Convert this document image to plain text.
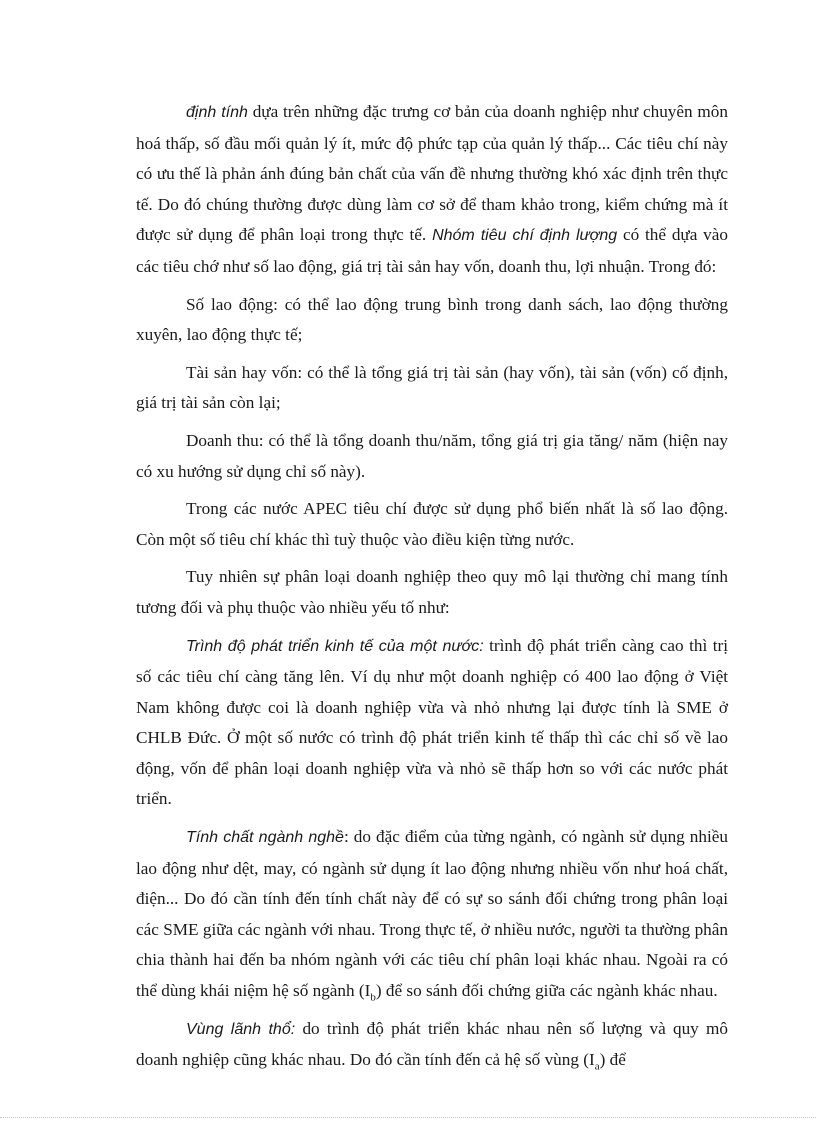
định tính dựa trên những đặc trưng cơ bản của doanh nghiệp như chuyên môn hoá thấp, số đầu mối quản lý ít, mức độ phức tạp của quản lý thấp... Các tiêu chí này có ưu thế là phản ánh đúng bản chất của vấn đề nhưng thường khó xác định trên thực tế. Do đó chúng thường được dùng làm cơ sở để tham khảo trong, kiểm chứng mà ít được sử dụng để phân loại trong thực tế. Nhóm tiêu chí định lượng có thể dựa vào các tiêu chớ như số lao động, giá trị tài sản hay vốn, doanh thu, lợi nhuận. Trong đó:

Số lao động: có thể lao động trung bình trong danh sách, lao động thường xuyên, lao động thực tế;

Tài sản hay vốn: có thể là tổng giá trị tài sản (hay vốn), tài sản (vốn) cố định, giá trị tài sản còn lại;

Doanh thu: có thể là tổng doanh thu/năm, tổng giá trị gia tăng/ năm (hiện nay có xu hướng sử dụng chỉ số này).

Trong các nước APEC tiêu chí được sử dụng phổ biến nhất là số lao động. Còn một số tiêu chí khác thì tuỳ thuộc vào điều kiện từng nước.

Tuy nhiên sự phân loại doanh nghiệp theo quy mô lại thường chỉ mang tính tương đối và phụ thuộc vào nhiều yếu tố như:

Trình độ phát triển kinh tế của một nước: trình độ phát triển càng cao thì trị số các tiêu chí càng tăng lên. Ví dụ như một doanh nghiệp có 400 lao động ở Việt Nam không được coi là doanh nghiệp vừa và nhỏ nhưng lại được tính là SME ở CHLB Đức. Ở một số nước có trình độ phát triển kinh tế thấp thì các chỉ số về lao động, vốn để phân loại doanh nghiệp vừa và nhỏ sẽ thấp hơn so với các nước phát triển.

Tính chất ngành nghề: do đặc điểm của từng ngành, có ngành sử dụng nhiều lao động như dệt, may, có ngành sử dụng ít lao động nhưng nhiều vốn như hoá chất, điện... Do đó cần tính đến tính chất này để có sự so sánh đối chứng trong phân loại các SME giữa các ngành với nhau. Trong thực tế, ở nhiều nước, người ta thường phân chia thành hai đến ba nhóm ngành với các tiêu chí phân loại khác nhau. Ngoài ra có thể dùng khái niệm hệ số ngành $(I_b)$ để so sánh đối chứng giữa các ngành khác nhau.

Vùng lãnh thổ: do trình độ phát triển khác nhau nên số lượng và quy mô doanh nghiệp cũng khác nhau. Do đó cần tính đến cả hệ số vùng $(I_a)$ để
